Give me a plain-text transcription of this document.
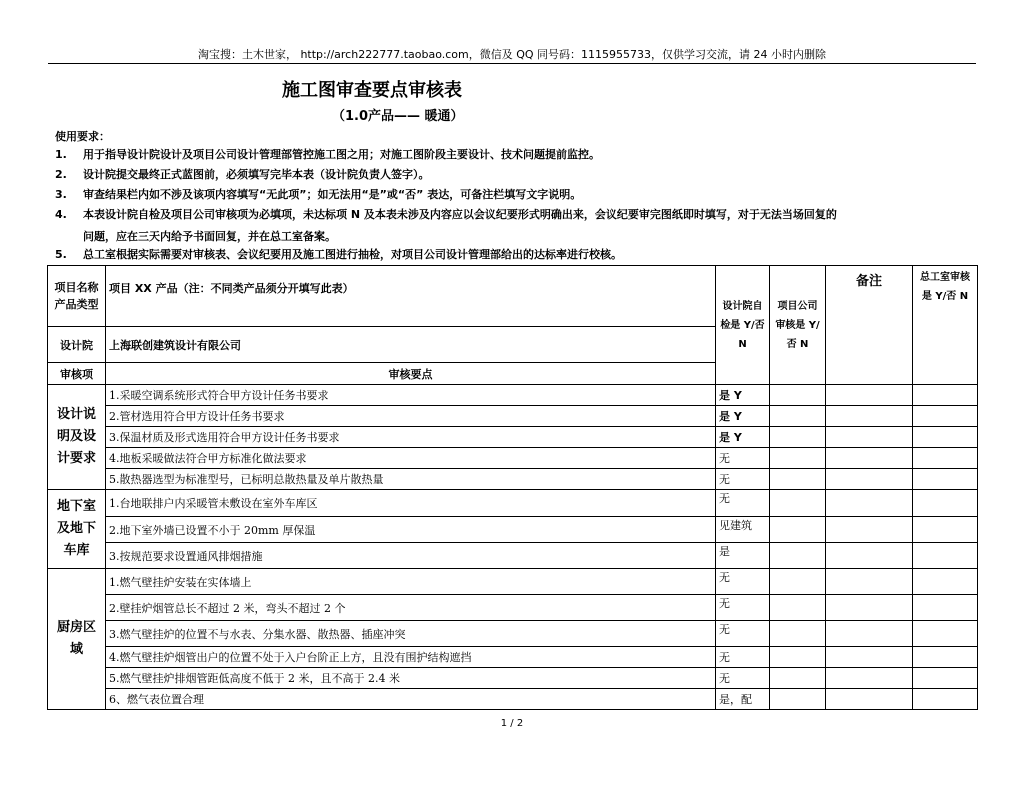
淘宝搜：土木世家， http://arch222777.taobao.com，微信及 QQ 同号码：1115955733，仅供学习交流，请 24 小时内删除
施工图审查要点审核表
（1.0产品—— 暖通）
使用要求：
1. 用于指导设计院设计及项目公司设计管理部管控施工图之用；对施工图阶段主要设计、技术问题提前监控。
2. 设计院提交最终正式蓝图前，必须填写完毕本表（设计院负责人签字）。
3. 审查结果栏内如不涉及该项内容填写“无此项”；如无法用“是”或“否” 表达，可备注栏填写文字说明。
4. 本表设计院自检及项目公司审核项为必填项，未达标项 N 及本表未涉及内容应以会议纪要形式明确出来，会议纪要审完图纸即时填写，对于无法当场回复的
问题，应在三天内给予书面回复，并在总工室备案。
5. 总工室根据实际需要对审核表、会议纪要用及施工图进行抽检，对项目公司设计管理部给出的达标率进行校核。
项目名称产品类型	项目 XX 产品（注：不同类产品须分开填写此表）	设计院自检是 Y/否 N	项目公司审核是 Y/否 N	备注	总工室审核是 Y/否 N
设计院	上海联创建筑设计有限公司				
审核项	审核要点				
设计说明及设计要求	1.采暖空调系统形式符合甲方设计任务书要求	是 Y			
	2.管材选用符合甲方设计任务书要求	是 Y			
	3.保温材质及形式选用符合甲方设计任务书要求	是 Y			
	4.地板采暖做法符合甲方标准化做法要求	无			
	5.散热器选型为标准型号，已标明总散热量及单片散热量	无			
地下室及地下车库	1.台地联排户内采暖管未敷设在室外车库区	无			
	2.地下室外墙已设置不小于 20mm 厚保温	见建筑			
	3.按规范要求设置通风排烟措施	是			
厨房区域	1.燃气壁挂炉安装在实体墙上	无			
	2.壁挂炉烟管总长不超过 2 米，弯头不超过 2 个	无			
	3.燃气壁挂炉的位置不与水表、分集水器、散热器、插座冲突	无			
	4.燃气壁挂炉烟管出户的位置不处于入户台阶正上方，且没有围护结构遮挡	无			
	5.燃气壁挂炉排烟管距低高度不低于 2 米，且不高于 2.4 米	无			
	6、燃气表位置合理	是，配			
1 / 2
